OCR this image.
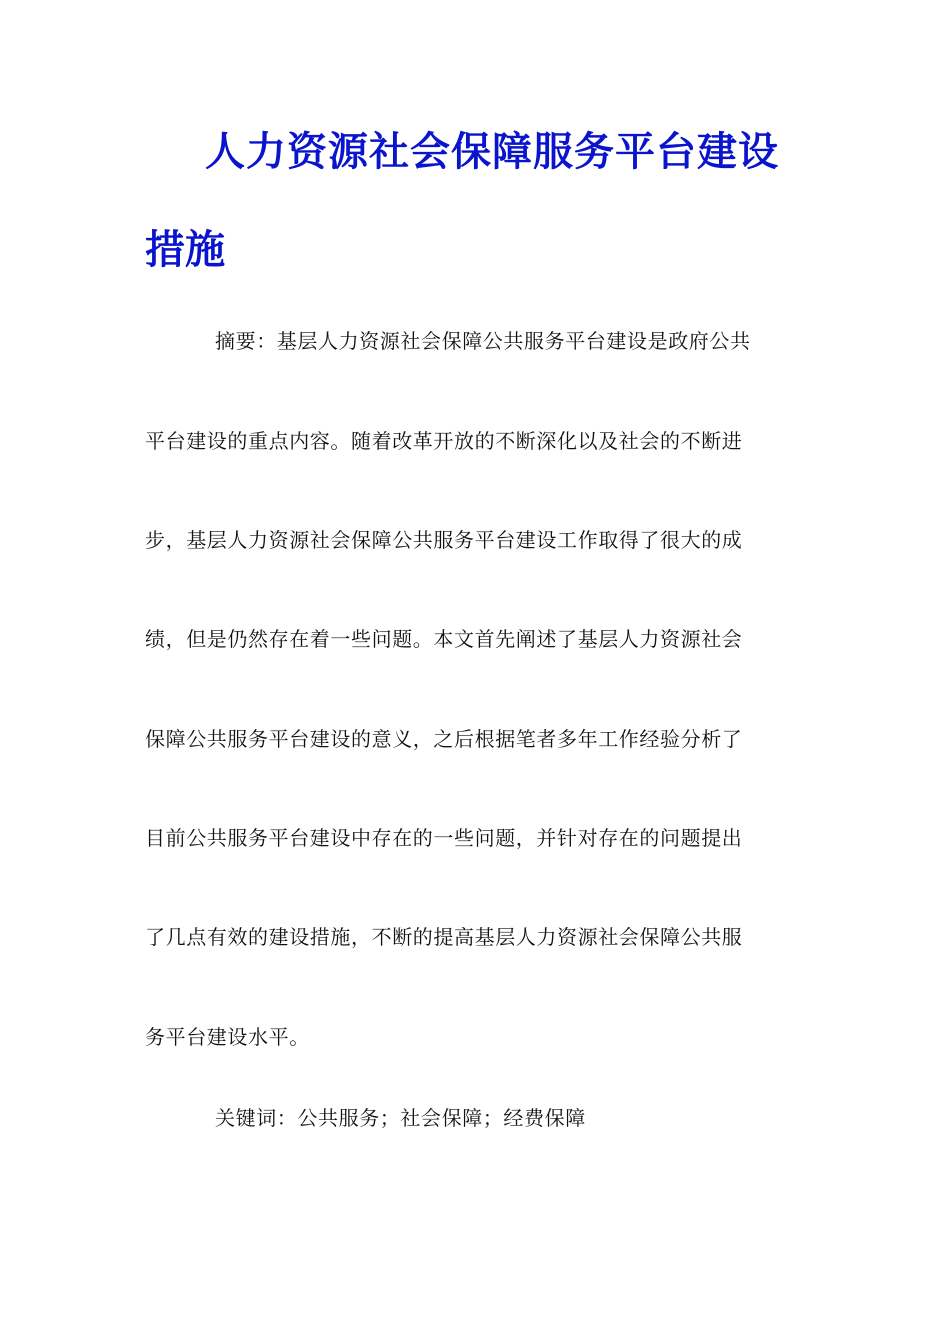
人力资源社会保障服务平台建设
措施
摘要：基层人力资源社会保障公共服务平台建设是政府公共
平台建设的重点内容。随着改革开放的不断深化以及社会的不断进
步，基层人力资源社会保障公共服务平台建设工作取得了很大的成
绩，但是仍然存在着一些问题。本文首先阐述了基层人力资源社会
保障公共服务平台建设的意义，之后根据笔者多年工作经验分析了
目前公共服务平台建设中存在的一些问题，并针对存在的问题提出
了几点有效的建设措施，不断的提高基层人力资源社会保障公共服
务平台建设水平。
关键词：公共服务；社会保障；经费保障
